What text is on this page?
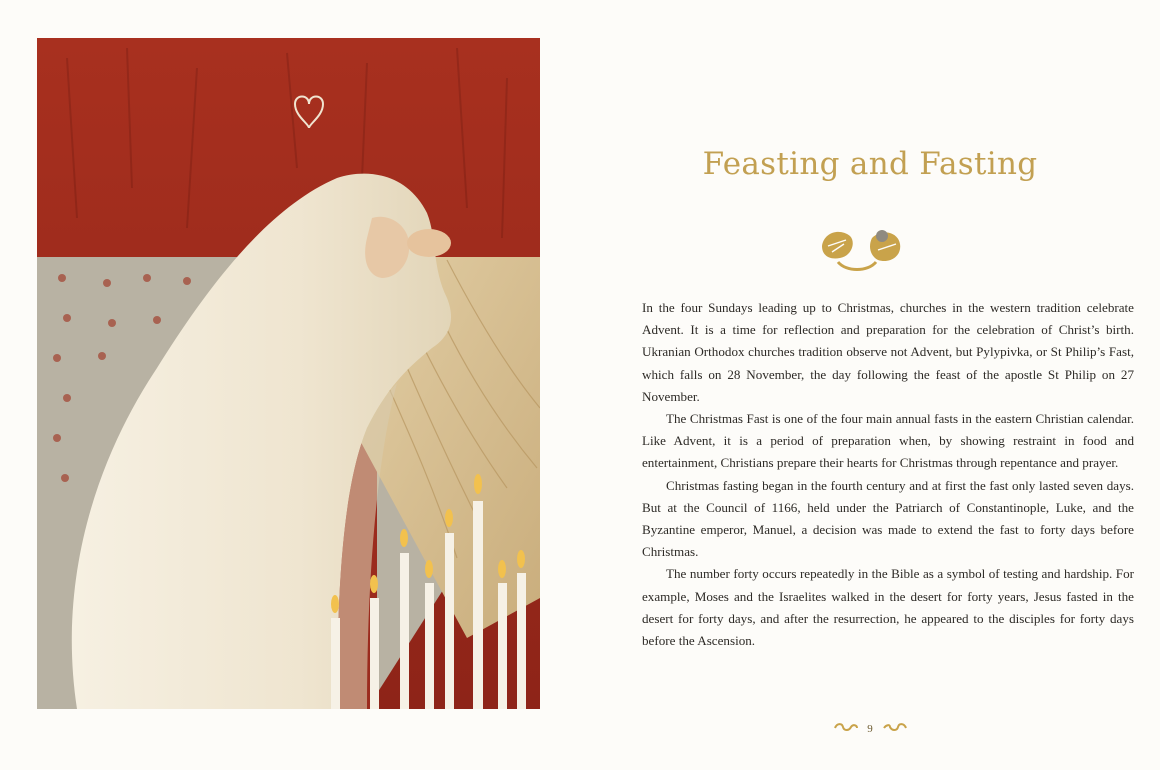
Feasting and Fasting

In the four Sundays leading up to Christmas, churches in the western tradition celebrate Advent. It is a time for reflection and preparation for the celebration of Christ’s birth. Ukranian Orthodox churches tradition observe not Advent, but Pylypivka, or St Philip’s Fast, which falls on 28 November, the day following the feast of the apostle St Philip on 27 November.

The Christmas Fast is one of the four main annual fasts in the eastern Christian calendar. Like Advent, it is a period of preparation when, by showing restraint in food and entertainment, Christians prepare their hearts for Christmas through repentance and prayer.

Christmas fasting began in the fourth century and at first the fast only lasted seven days. But at the Council of 1166, held under the Patriarch of Constantinople, Luke, and the Byzantine emperor, Manuel, a decision was made to extend the fast to forty days before Christmas.

The number forty occurs repeatedly in the Bible as a symbol of testing and hardship. For example, Moses and the Israelites walked in the desert for forty years, Jesus fasted in the desert for forty days, and after the resurrection, he appeared to the disciples for forty days before the Ascension.

9
